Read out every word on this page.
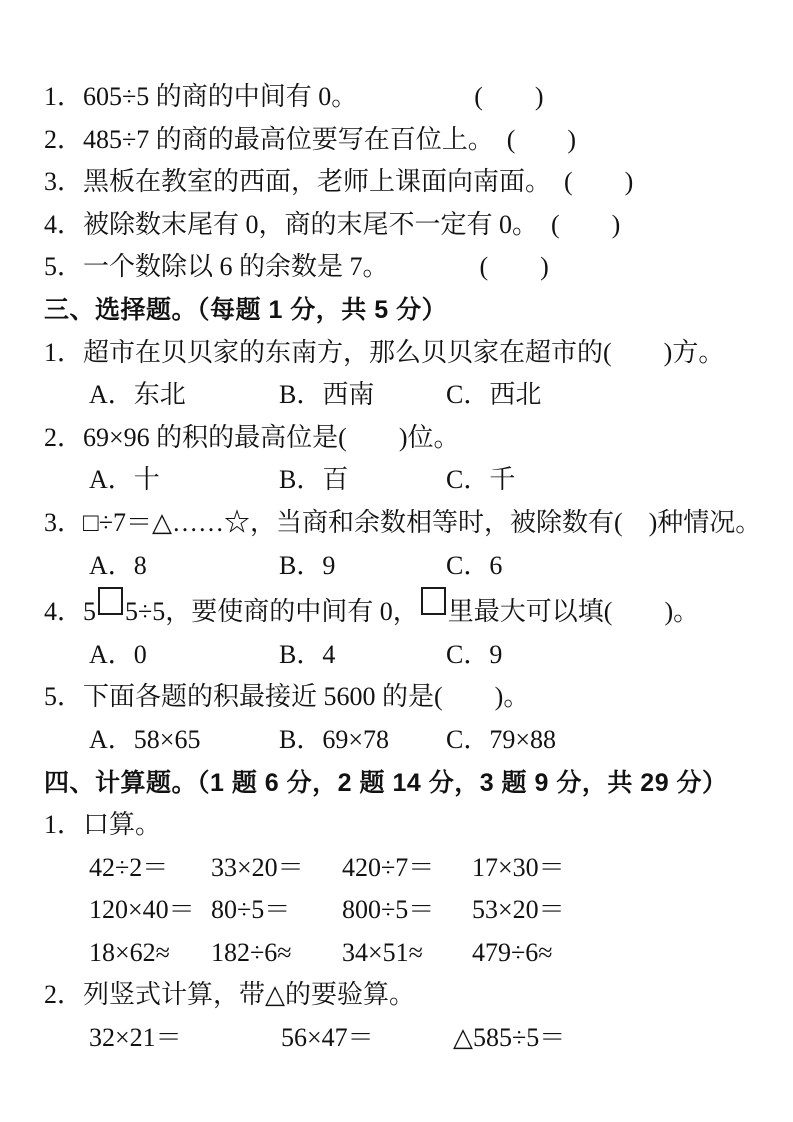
1．605÷5 的商的中间有 0。　　　　　(　　)
2．485÷7 的商的最高位要写在百位上。　(　　)
3．黑板在教室的西面，老师上课面向南面。　(　　)
4．被除数末尾有 0，商的末尾不一定有 0。　(　　)
5．一个数除以 6 的余数是 7。　　　　(　　)
三、选择题。（每题 1 分，共 5 分）
1．超市在贝贝家的东南方，那么贝贝家在超市的(　　)方。
A．东北	B．西南	C．西北
2．69×96 的积的最高位是(　　)位。
A．十	B．百	C．千
3．□÷7＝△……☆，当商和余数相等时，被除数有(　)种情况。
A．8	B．9	C．6
4．5 5÷5，要使商的中间有 0， 里最大可以填(　　)。
A．0	B．4	C．9
5．下面各题的积最接近 5600 的是(　　)。
A．58×65	B．69×78	C．79×88
四、计算题。（1 题 6 分，2 题 14 分，3 题 9 分，共 29 分）
1．口算。
42÷2＝	33×20＝	420÷7＝	17×30＝
120×40＝ 80÷5＝	800÷5＝	53×20＝
18×62≈	182÷6≈	34×51≈	479÷6≈
2．列竖式计算，带△的要验算。
32×21＝	56×47＝	△585÷5＝
